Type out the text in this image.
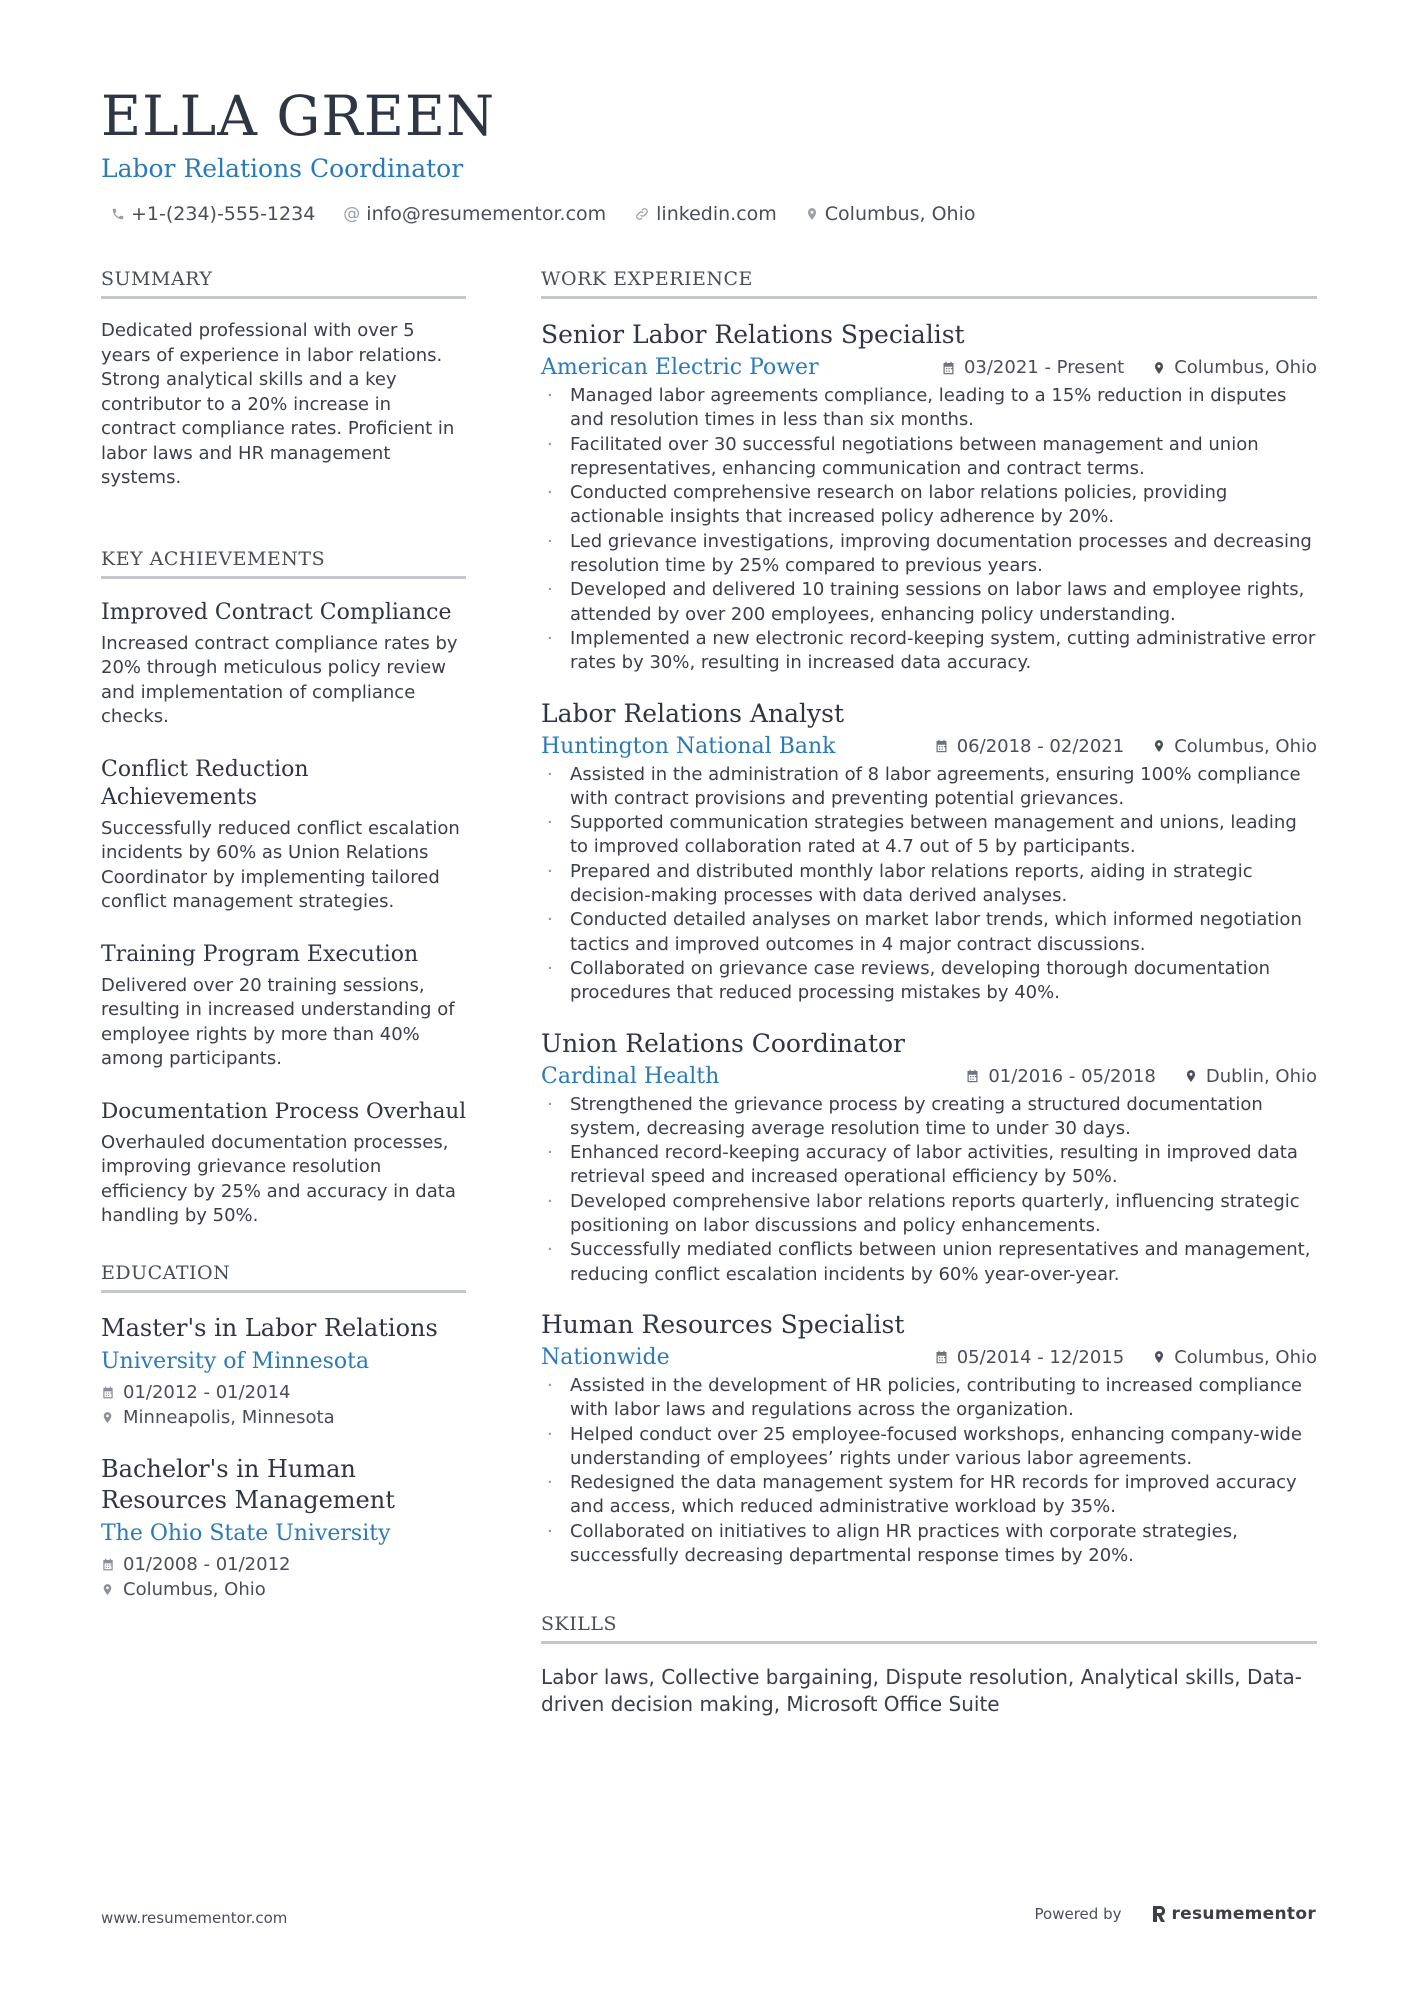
ELLA GREEN
Labor Relations Coordinator
+1-(234)-555-1234 @ info@resumementor.com	linkedin.com	Columbus, Ohio
SUMMARY

Dedicated professional with over 5 years of experience in labor relations. Strong analytical skills and a key contributor to a 20% increase in contract compliance rates. Proficient in labor laws and HR management systems.

KEY ACHIEVEMENTS
Improved Contract Compliance

Increased contract compliance rates by 20% through meticulous policy review and implementation of compliance checks.

Conflict Reduction Achievements

Successfully reduced conflict escalation incidents by 60% as Union Relations Coordinator by implementing tailored conflict management strategies.

Training Program Execution

Delivered over 20 training sessions, resulting in increased understanding of employee rights by more than 40% among participants.

Documentation Process Overhaul

Overhauled documentation processes, improving grievance resolution efficiency by 25% and accuracy in data handling by 50%.

EDUCATION
Master's in Labor Relations
University of Minnesota
01/2012 - 01/2014
Minneapolis, Minnesota
Bachelor's in Human Resources Management
The Ohio State University
01/2008 - 01/2012
Columbus, Ohio
WORK EXPERIENCE
Senior Labor Relations Specialist
American Electric Power	03/2021 - Present	Columbus, Ohio
· Managed labor agreements compliance, leading to a 15% reduction in disputes and resolution times in less than six months.
· Facilitated over 30 successful negotiations between management and union representatives, enhancing communication and contract terms.
· Conducted comprehensive research on labor relations policies, providing actionable insights that increased policy adherence by 20%.
· Led grievance investigations, improving documentation processes and decreasing resolution time by 25% compared to previous years.
· Developed and delivered 10 training sessions on labor laws and employee rights, attended by over 200 employees, enhancing policy understanding.
· Implemented a new electronic record-keeping system, cutting administrative error rates by 30%, resulting in increased data accuracy.
Labor Relations Analyst
Huntington National Bank	06/2018 - 02/2021	Columbus, Ohio
· Assisted in the administration of 8 labor agreements, ensuring 100% compliance with contract provisions and preventing potential grievances.
· Supported communication strategies between management and unions, leading to improved collaboration rated at 4.7 out of 5 by participants.
· Prepared and distributed monthly labor relations reports, aiding in strategic decision-making processes with data derived analyses.
· Conducted detailed analyses on market labor trends, which informed negotiation tactics and improved outcomes in 4 major contract discussions.
· Collaborated on grievance case reviews, developing thorough documentation procedures that reduced processing mistakes by 40%.
Union Relations Coordinator
Cardinal Health	01/2016 - 05/2018	Dublin, Ohio
· Strengthened the grievance process by creating a structured documentation system, decreasing average resolution time to under 30 days.
· Enhanced record-keeping accuracy of labor activities, resulting in improved data retrieval speed and increased operational efficiency by 50%.
· Developed comprehensive labor relations reports quarterly, influencing strategic positioning on labor discussions and policy enhancements.
· Successfully mediated conflicts between union representatives and management, reducing conflict escalation incidents by 60% year-over-year.
Human Resources Specialist
Nationwide	05/2014 - 12/2015	Columbus, Ohio
· Assisted in the development of HR policies, contributing to increased compliance with labor laws and regulations across the organization.
· Helped conduct over 25 employee-focused workshops, enhancing company-wide understanding of employees’ rights under various labor agreements.
· Redesigned the data management system for HR records for improved accuracy and access, which reduced administrative workload by 35%.
· Collaborated on initiatives to align HR practices with corporate strategies, successfully decreasing departmental response times by 20%.
SKILLS

Labor laws, Collective bargaining, Dispute resolution, Analytical skills, Data-driven decision making, Microsoft Office Suite

www.resumementor.com	Powered by	resumementor
